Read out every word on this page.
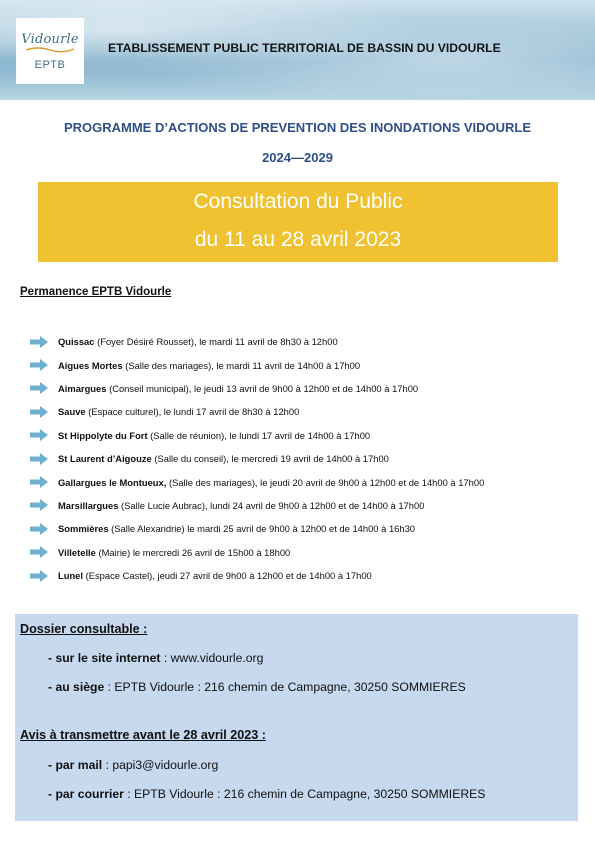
Vidourle
EPTB
ETABLISSEMENT PUBLIC TERRITORIAL DE BASSIN DU VIDOURLE
PROGRAMME D’ACTIONS DE PREVENTION DES INONDATIONS VIDOURLE
2024—2029
Consultation du Public
du 11 au 28 avril 2023
Permanence EPTB Vidourle
Quissac (Foyer Désiré Rousset), le mardi 11 avril de 8h30 à 12h00
Aigues Mortes (Salle des mariages), le mardi 11 avril de 14h00 à 17h00
Aimargues (Conseil municipal), le jeudi 13 avril de 9h00 à 12h00 et de 14h00 à 17h00
Sauve (Espace culturel), le lundi 17 avril de 8h30 à 12h00
St Hippolyte du Fort (Salle de réunion), le lundi 17 avril de 14h00 à 17h00
St Laurent d’Aigouze (Salle du conseil), le mercredi 19 avril de 14h00 à 17h00
Gallargues le Montueux, (Salle des mariages), le jeudi 20 avril de 9h00 à 12h00 et de 14h00 à 17h00
Marsillargues (Salle Lucie Aubrac), lundi 24 avril de 9h00 à 12h00 et de 14h00 à 17h00
Sommières (Salle Alexandrie) le mardi 25 avril de 9h00 à 12h00 et de 14h00 à 16h30
Villetelle (Mairie) le mercredi 26 avril de 15h00 à 18h00
Lunel (Espace Castel), jeudi 27 avril de 9h00 à 12h00 et de 14h00 à 17h00
Dossier consultable :
- sur le site internet : www.vidourle.org
- au siège : EPTB Vidourle : 216 chemin de Campagne, 30250 SOMMIERES
Avis à transmettre avant le 28 avril 2023 :
- par mail : papi3@vidourle.org
- par courrier : EPTB Vidourle : 216 chemin de Campagne, 30250 SOMMIERES
